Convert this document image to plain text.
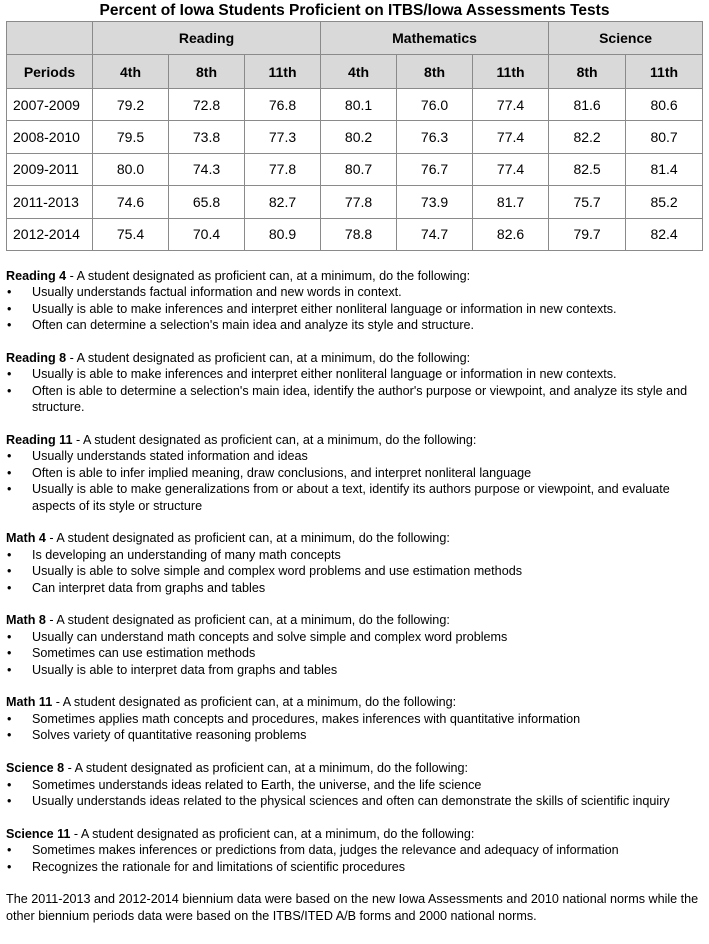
Percent of Iowa Students Proficient on ITBS/Iowa Assessments Tests
	Reading			Mathematics			Science	
Periods	4th	8th	11th	4th	8th	11th	8th	11th
2007-2009	79.2	72.8	76.8	80.1	76.0	77.4	81.6	80.6
2008-2010	79.5	73.8	77.3	80.2	76.3	77.4	82.2	80.7
2009-2011	80.0	74.3	77.8	80.7	76.7	77.4	82.5	81.4
2011-2013	74.6	65.8	82.7	77.8	73.9	81.7	75.7	85.2
2012-2014	75.4	70.4	80.9	78.8	74.7	82.6	79.7	82.4
Reading 4 - A student designated as proficient can, at a minimum, do the following:
• Usually understands factual information and new words in context.
• Usually is able to make inferences and interpret either nonliteral language or information in new contexts.
• Often can determine a selection's main idea and analyze its style and structure.
Reading 8 - A student designated as proficient can, at a minimum, do the following:
• Usually is able to make inferences and interpret either nonliteral language or information in new contexts.
• Often is able to determine a selection's main idea, identify the author's purpose or viewpoint, and analyze its style and structure.
Reading 11 - A student designated as proficient can, at a minimum, do the following:
• Usually understands stated information and ideas
• Often is able to infer implied meaning, draw conclusions, and interpret nonliteral language
• Usually is able to make generalizations from or about a text, identify its authors purpose or viewpoint, and evaluate aspects of its style or structure
Math 4 - A student designated as proficient can, at a minimum, do the following:
• Is developing an understanding of many math concepts
• Usually is able to solve simple and complex word problems and use estimation methods
• Can interpret data from graphs and tables
Math 8 - A student designated as proficient can, at a minimum, do the following:
• Usually can understand math concepts and solve simple and complex word problems
• Sometimes can use estimation methods
• Usually is able to interpret data from graphs and tables
Math 11 - A student designated as proficient can, at a minimum, do the following:
• Sometimes applies math concepts and procedures, makes inferences with quantitative information
• Solves variety of quantitative reasoning problems
Science 8 - A student designated as proficient can, at a minimum, do the following:
• Sometimes understands ideas related to Earth, the universe, and the life science
• Usually understands ideas related to the physical sciences and often can demonstrate the skills of scientific inquiry
Science 11 - A student designated as proficient can, at a minimum, do the following:
• Sometimes makes inferences or predictions from data, judges the relevance and adequacy of information
• Recognizes the rationale for and limitations of scientific procedures
The 2011-2013 and 2012-2014 biennium data were based on the new Iowa Assessments and 2010 national norms while the other biennium periods data were based on the ITBS/ITED A/B forms and 2000 national norms.
